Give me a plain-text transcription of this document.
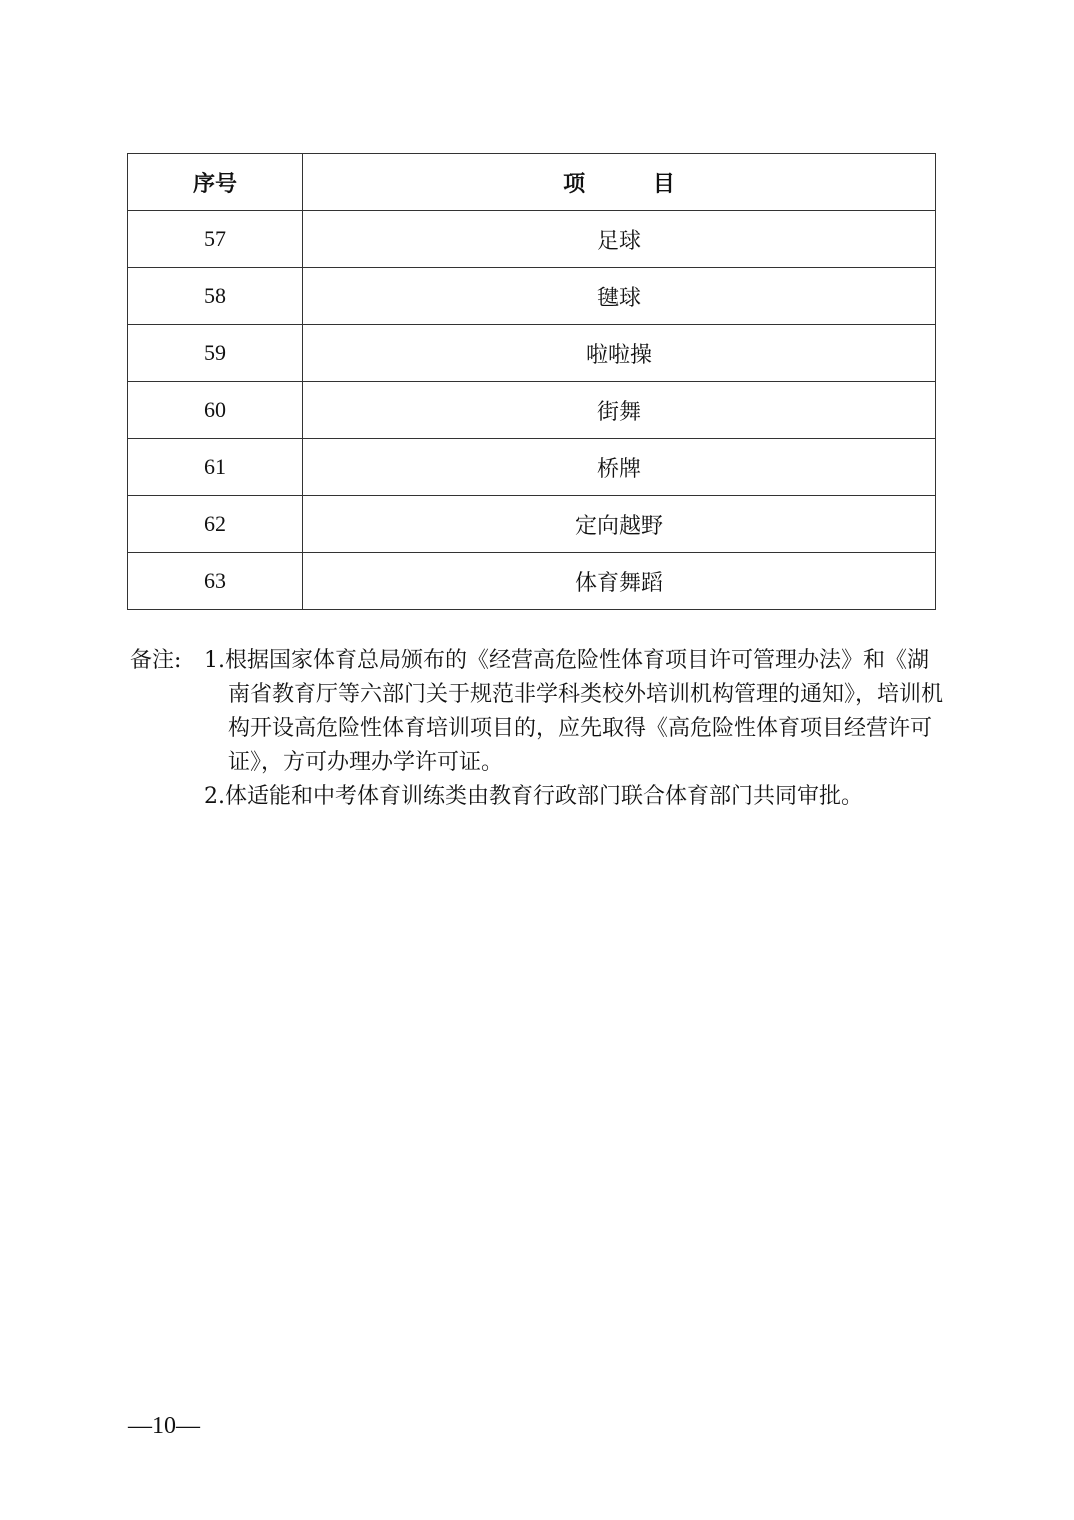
序号	项 目
57	足球
58	毽球
59	啦啦操
60	街舞
61	桥牌
62	定向越野
63	体育舞蹈
备注:	1.根据国家体育总局颁布的《经营高危险性体育项目许可管理办法》和《湖南省教育厅等六部门关于规范非学科类校外培训机构管理的通知》，培训机构开设高危险性体育培训项目的，应先取得《高危险性体育项目经营许可证》，方可办理办学许可证。
2.体适能和中考体育训练类由教育行政部门联合体育部门共同审批。
—10—
